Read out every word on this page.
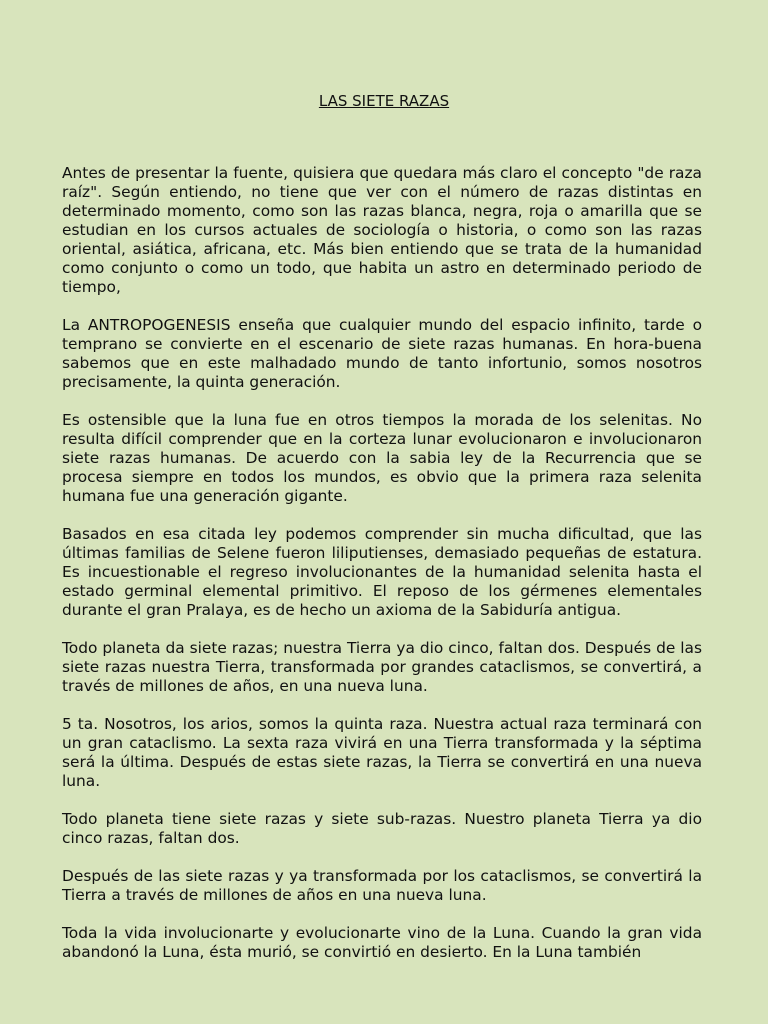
LAS SIETE RAZAS

Antes de presentar la fuente, quisiera que quedara más claro el concepto "de raza raíz". Según entiendo, no tiene que ver con el número de razas distintas en determinado momento, como son las razas blanca, negra, roja o amarilla que se estudian en los cursos actuales de sociología o historia, o como son las razas oriental, asiática, africana, etc. Más bien entiendo que se trata de la humanidad como conjunto o como un todo, que habita un astro en determinado periodo de tiempo,

La ANTROPOGENESIS enseña que cualquier mundo del espacio infinito, tarde o temprano se convierte en el escenario de siete razas humanas. En hora-buena sabemos que en este malhadado mundo de tanto infortunio, somos nosotros precisamente, la quinta generación.

Es ostensible que la luna fue en otros tiempos la morada de los selenitas. No resulta difícil comprender que en la corteza lunar evolucionaron e involucionaron siete razas humanas. De acuerdo con la sabia ley de la Recurrencia que se procesa siempre en todos los mundos, es obvio que la primera raza selenita humana fue una generación gigante.

Basados en esa citada ley podemos comprender sin mucha dificultad, que las últimas familias de Selene fueron liliputienses, demasiado pequeñas de estatura. Es incuestionable el regreso involucionantes de la humanidad selenita hasta el estado germinal elemental primitivo. El reposo de los gérmenes elementales durante el gran Pralaya, es de hecho un axioma de la Sabiduría antigua.

Todo planeta da siete razas; nuestra Tierra ya dio cinco, faltan dos. Después de las siete razas nuestra Tierra, transformada por grandes cataclismos, se convertirá, a través de millones de años, en una nueva luna.

5 ta. Nosotros, los arios, somos la quinta raza. Nuestra actual raza terminará con un gran cataclismo. La sexta raza vivirá en una Tierra transformada y la séptima será la última. Después de estas siete razas, la Tierra se convertirá en una nueva luna.

Todo planeta tiene siete razas y siete sub-razas. Nuestro planeta Tierra ya dio cinco razas, faltan dos.

Después de las siete razas y ya transformada por los cataclismos, se convertirá la Tierra a través de millones de años en una nueva luna.

Toda la vida involucionarte y evolucionarte vino de la Luna. Cuando la gran vida abandonó la Luna, ésta murió, se convirtió en desierto. En la Luna también
